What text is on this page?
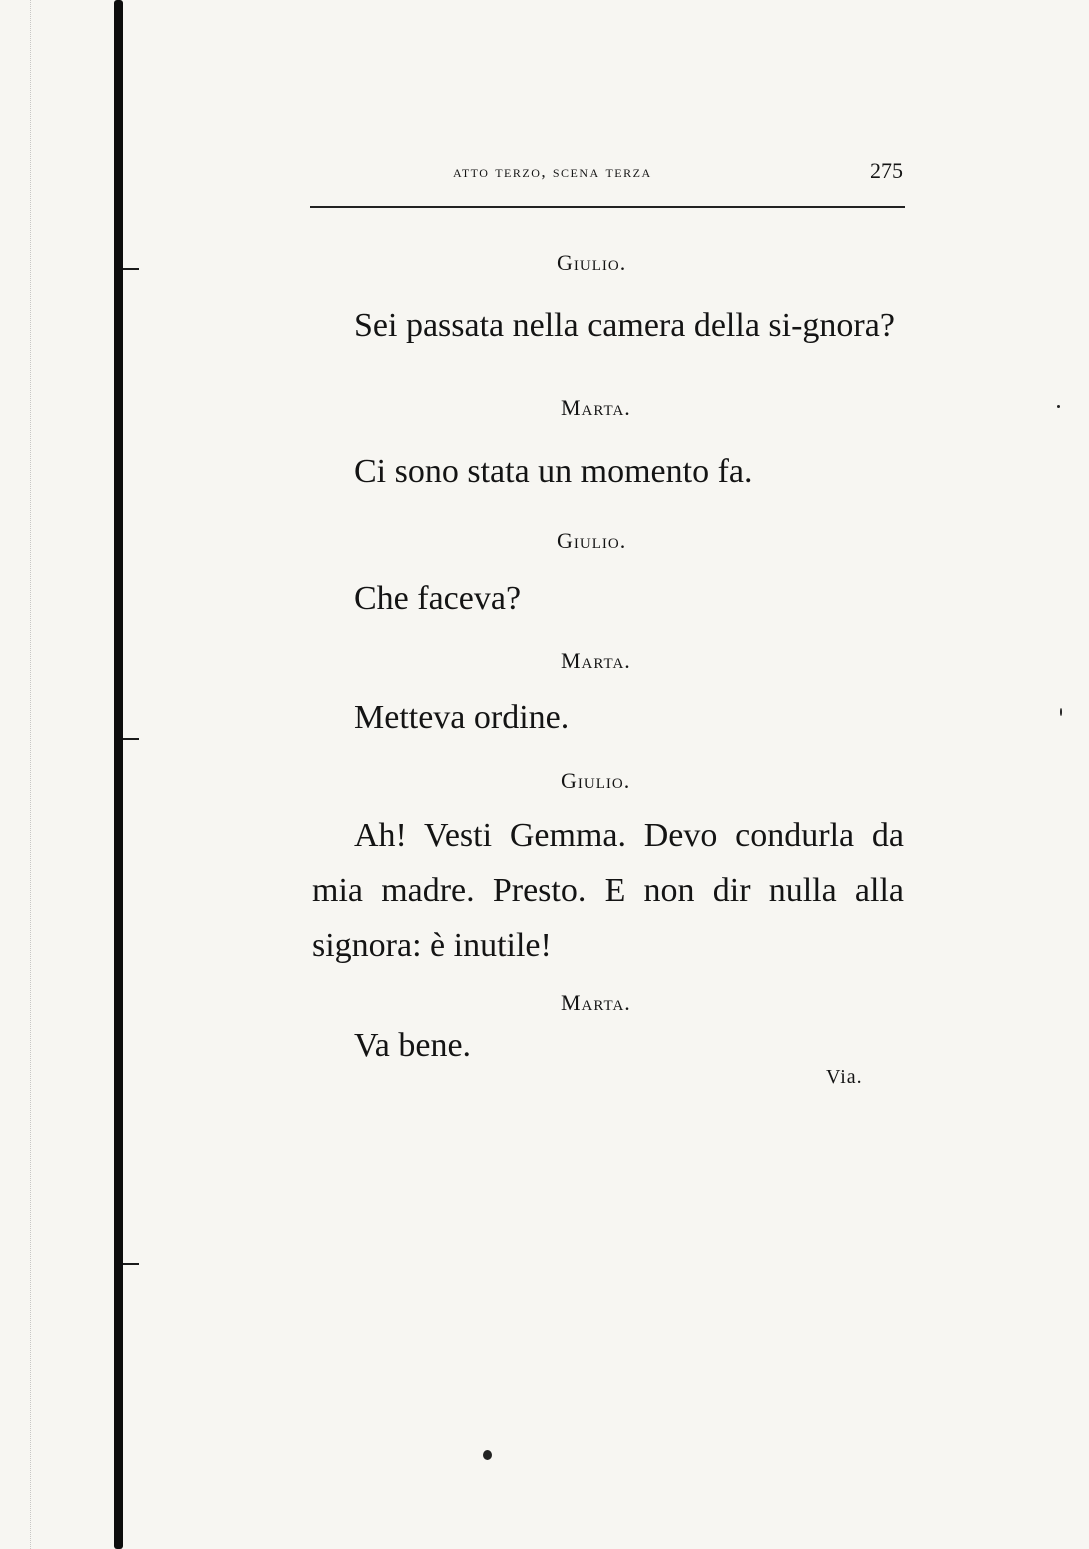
atto terzo, scena terza	275
Giulio.
Sei passata nella camera della si-gnora?
Marta.
Ci sono stata un momento fa.
Giulio.
Che faceva?
Marta.
Metteva ordine.
Giulio.
Ah! Vesti Gemma. Devo condurla da mia madre. Presto. E non dir nulla alla signora: è inutile!
Marta.
Va bene.
Via.
